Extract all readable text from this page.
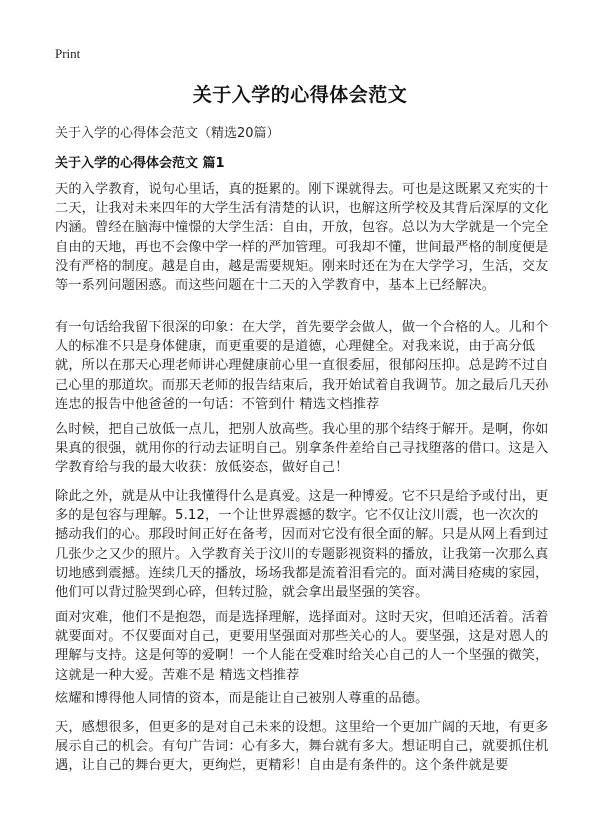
Print
关于入学的心得体会范文
关于入学的心得体会范文（精选20篇）
关于入学的心得体会范文 篇1

天的入学教育，说句心里话，真的挺累的。刚下课就得去。可也是这既累又充实的十二天，让我对未来四年的大学生活有清楚的认识，也解这所学校及其背后深厚的文化内涵。曾经在脑海中憧憬的大学生活：自由，开放，包容。总以为大学就是一个完全自由的天地，再也不会像中学一样的严加管理。可我却不懂，世间最严格的制度便是没有严格的制度。越是自由，越是需要规矩。刚来时还在为在大学学习，生活，交友等一系列问题困惑。而这些问题在十二天的入学教育中，基本上已经解决。

有一句话给我留下很深的印象：在大学，首先要学会做人，做一个合格的人。儿和个人的标准不只是身体健康，而更重要的是道德，心理健全。对我来说，由于高分低就，所以在那天心理老师讲心理健康前心里一直很委屈，很郁闷压抑。总是跨不过自己心里的那道坎。而那天老师的报告结束后，我开始试着自我调节。加之最后几天孙连忠的报告中他爸爸的一句话：不管到什 精选文档推荐

么时候，把自己放低一点儿，把别人放高些。我心里的那个结终于解开。是啊，你如果真的很强，就用你的行动去证明自己。别拿条件差给自己寻找堕落的借口。这是入学教育给与我的最大收获：放低姿态，做好自己！

除此之外，就是从中让我懂得什么是真爱。这是一种博爱。它不只是给予或付出，更多的是包容与理解。5.12，一个让世界震撼的数字。它不仅让汶川震，也一次次的撼动我们的心。那段时间正好在备考，因而对它没有很全面的解。只是从网上看到过几张少之又少的照片。入学教育关于汶川的专题影视资料的播放，让我第一次那么真切地感到震撼。连续几天的播放，场场我都是流着泪看完的。面对满目疮痍的家园，他们可以背过脸哭到心碎，但转过脸，就会拿出最坚强的笑容。

面对灾难，他们不是抱怨，而是选择理解，选择面对。这时天灾，但咱还活着。活着就要面对。不仅要面对自己，更要用坚强面对那些关心的人。要坚强，这是对恩人的理解与支持。这是何等的爱啊！一个人能在受难时给关心自己的人一个坚强的微笑，这就是一种大爱。苦难不是 精选文档推荐

炫耀和博得他人同情的资本，而是能让自己被别人尊重的品德。

天，感想很多，但更多的是对自己未来的设想。这里给一个更加广阔的天地，有更多展示自己的机会。有句广告词：心有多大，舞台就有多大。想证明自己，就要抓住机遇，让自己的舞台更大，更绚烂，更精彩！自由是有条件的。这个条件就是要
